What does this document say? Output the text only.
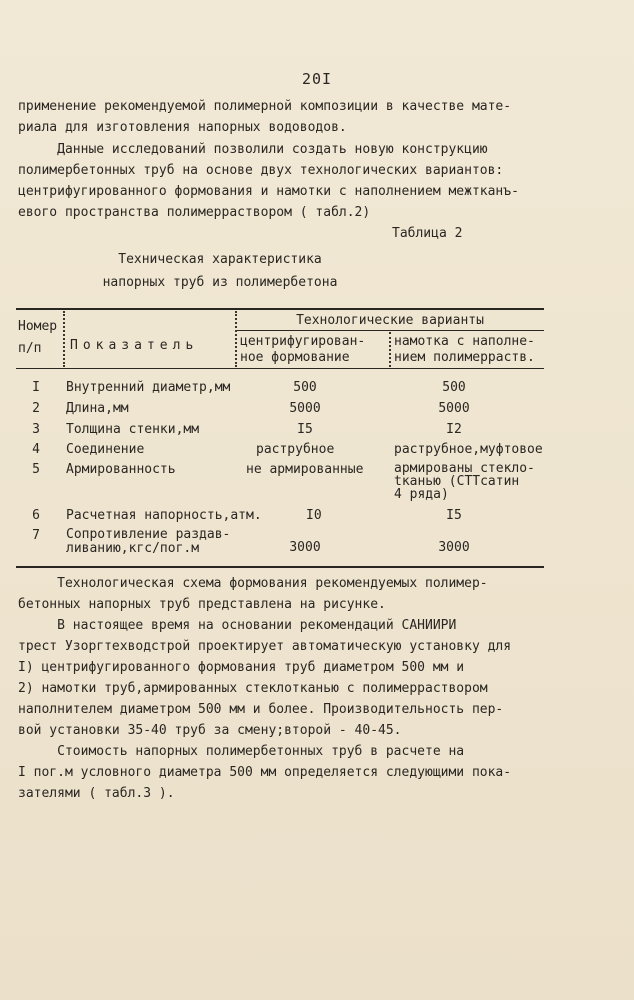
20I

применение рекомендуемой полимерной композиции в качестве мате-
риала для изготовления напорных водоводов.

Данные исследований позволили создать новую конструкцию
полимербетонных труб на основе двух технологических вариантов:
центрифугированного формования и намотки с наполнением межтканъ-
евого пространства полимерраствором ( табл.2)

Таблица 2
Техническая характеристика
напорных труб из полимербетона
Номер
п/п	Показатель
Технологические варианты
центрифугирован-
ное формование
намотка с наполне-
нием полимерраств.
I	Внутренний диаметр,мм	500	500
2	Длина,мм	5000	5000
3	Толщина стенки,мм	I5	I2
4	Соединение	раструбное	раструбное,муфтовое
5	Армированность	не армированные	армированы стекло-
tканью (СТТсатин
4 ряда)
6	Расчетная напорность,атм.	I0	I5
7	Сопротивление раздав-
ливанию,кгс/пог.м	3000	3000

Технологическая схема формования рекомендуемых полимер-
бетонных напорных труб представлена на рисунке.

В настоящее время на основании рекомендаций САНИИРИ
трест Узоргтехводстрой проектирует автоматическую установку для
I) центрифугированного формования труб диаметром 500 мм и
2) намотки труб,армированных стеклотканью с полимерраствором
наполнителем диаметром 500 мм и более. Производительность пер-
вой установки 35-40 труб за смену;второй - 40-45.

Стоимость напорных полимербетонных труб в расчете на
I пог.м условного диаметра 500 мм определяется следующими пока-
зателями ( табл.3 ).
